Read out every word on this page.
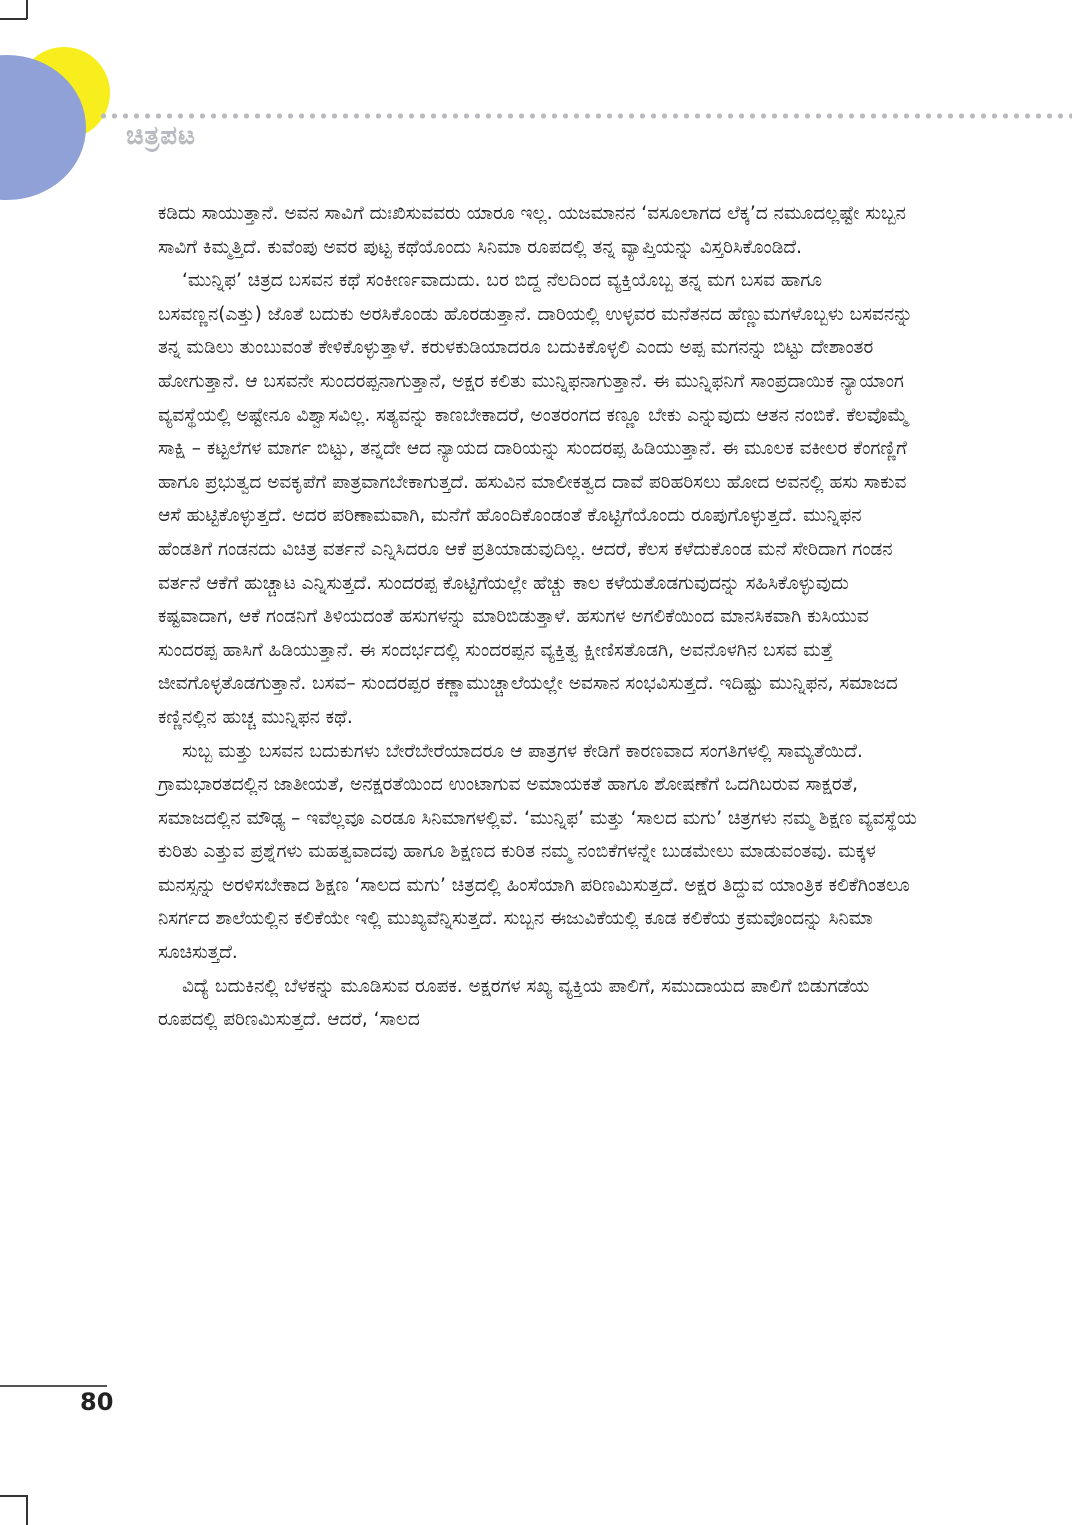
ಚಿತ್ರಪಟ

ಕಡಿದು ಸಾಯುತ್ತಾನೆ. ಅವನ ಸಾವಿಗೆ ದುಃಖಿಸುವವರು ಯಾರೂ ಇಲ್ಲ. ಯಜಮಾನನ ‘ವಸೂಲಾಗದ ಲೆಕ್ಕ’ದ ನಮೂದಲ್ಲಷ್ಟೇ ಸುಬ್ಬನ ಸಾವಿಗೆ ಕಿಮ್ಮತ್ತಿದೆ. ಕುವೆಂಪು ಅವರ ಪುಟ್ಟ ಕಥೆಯೊಂದು ಸಿನಿಮಾ ರೂಪದಲ್ಲಿ ತನ್ನ ವ್ಯಾಪ್ತಿಯನ್ನು ವಿಸ್ತರಿಸಿಕೊಂಡಿದೆ.

‘ಮುನ್ನಿಫ’ ಚಿತ್ರದ ಬಸವನ ಕಥೆ ಸಂಕೀರ್ಣವಾದುದು. ಬರ ಬಿದ್ದ ನೆಲದಿಂದ ವ್ಯಕ್ತಿಯೊಬ್ಬ ತನ್ನ ಮಗ ಬಸವ ಹಾಗೂ ಬಸವಣ್ಣನ(ಎತ್ತು) ಜೊತೆ ಬದುಕು ಅರಸಿಕೊಂಡು ಹೊರಡುತ್ತಾನೆ. ದಾರಿಯಲ್ಲಿ ಉಳ್ಳವರ ಮನೆತನದ ಹೆಣ್ಣುಮಗಳೊಬ್ಬಳು ಬಸವನನ್ನು ತನ್ನ ಮಡಿಲು ತುಂಬುವಂತೆ ಕೇಳಿಕೊಳ್ಳುತ್ತಾಳೆ. ಕರುಳಕುಡಿಯಾದರೂ ಬದುಕಿಕೊಳ್ಳಲಿ ಎಂದು ಅಪ್ಪ ಮಗನನ್ನು ಬಿಟ್ಟು ದೇಶಾಂತರ ಹೋಗುತ್ತಾನೆ. ಆ ಬಸವನೇ ಸುಂದರಪ್ಪನಾಗುತ್ತಾನೆ, ಅಕ್ಷರ ಕಲಿತು ಮುನ್ನಿಫನಾಗುತ್ತಾನೆ. ಈ ಮುನ್ನಿಫನಿಗೆ ಸಾಂಪ್ರದಾಯಿಕ ನ್ಯಾಯಾಂಗ ವ್ಯವಸ್ಥೆಯಲ್ಲಿ ಅಷ್ಟೇನೂ ವಿಶ್ವಾಸವಿಲ್ಲ. ಸತ್ಯವನ್ನು ಕಾಣಬೇಕಾದರೆ, ಅಂತರಂಗದ ಕಣ್ಣೂ ಬೇಕು ಎನ್ನುವುದು ಆತನ ನಂಬಿಕೆ. ಕೆಲವೊಮ್ಮೆ ಸಾಕ್ಷಿ – ಕಟ್ಟಲೆಗಳ ಮಾರ್ಗ ಬಿಟ್ಟು, ತನ್ನದೇ ಆದ ನ್ಯಾಯದ ದಾರಿಯನ್ನು ಸುಂದರಪ್ಪ ಹಿಡಿಯುತ್ತಾನೆ. ಈ ಮೂಲಕ ವಕೀಲರ ಕೆಂಗಣ್ಣಿಗೆ ಹಾಗೂ ಪ್ರಭುತ್ವದ ಅವಕೃಪೆಗೆ ಪಾತ್ರವಾಗಬೇಕಾಗುತ್ತದೆ. ಹಸುವಿನ ಮಾಲೀಕತ್ವದ ದಾವೆ ಪರಿಹರಿಸಲು ಹೋದ ಅವನಲ್ಲಿ ಹಸು ಸಾಕುವ ಆಸೆ ಹುಟ್ಟಿಕೊಳ್ಳುತ್ತದೆ. ಅದರ ಪರಿಣಾಮವಾಗಿ, ಮನೆಗೆ ಹೊಂದಿಕೊಂಡಂತೆ ಕೊಟ್ಟಿಗೆಯೊಂದು ರೂಪುಗೊಳ್ಳುತ್ತದೆ. ಮುನ್ನಿಫನ ಹೆಂಡತಿಗೆ ಗಂಡನದು ವಿಚಿತ್ರ ವರ್ತನೆ ಎನ್ನಿಸಿದರೂ ಆಕೆ ಪ್ರತಿಯಾಡುವುದಿಲ್ಲ. ಆದರೆ, ಕೆಲಸ ಕಳೆದುಕೊಂಡ ಮನೆ ಸೇರಿದಾಗ ಗಂಡನ ವರ್ತನೆ ಆಕೆಗೆ ಹುಚ್ಚಾಟ ಎನ್ನಿಸುತ್ತದೆ. ಸುಂದರಪ್ಪ ಕೊಟ್ಟಿಗೆಯಲ್ಲೇ ಹೆಚ್ಚು ಕಾಲ ಕಳೆಯತೊಡಗುವುದನ್ನು ಸಹಿಸಿಕೊಳ್ಳುವುದು ಕಷ್ಟವಾದಾಗ, ಆಕೆ ಗಂಡನಿಗೆ ತಿಳಿಯದಂತೆ ಹಸುಗಳನ್ನು ಮಾರಿಬಿಡುತ್ತಾಳೆ. ಹಸುಗಳ ಅಗಲಿಕೆಯಿಂದ ಮಾನಸಿಕವಾಗಿ ಕುಸಿಯುವ ಸುಂದರಪ್ಪ ಹಾಸಿಗೆ ಹಿಡಿಯುತ್ತಾನೆ. ಈ ಸಂದರ್ಭದಲ್ಲಿ ಸುಂದರಪ್ಪನ ವ್ಯಕ್ತಿತ್ವ ಕ್ಷೀಣಿಸತೊಡಗಿ, ಅವನೊಳಗಿನ ಬಸವ ಮತ್ತೆ ಜೀವಗೊಳ್ಳತೊಡಗುತ್ತಾನೆ. ಬಸವ– ಸುಂದರಪ್ಪರ ಕಣ್ಣಾಮುಚ್ಚಾಲೆಯಲ್ಲೇ ಅವಸಾನ ಸಂಭವಿಸುತ್ತದೆ. ಇದಿಷ್ಟು ಮುನ್ನಿಫನ, ಸಮಾಜದ ಕಣ್ಣಿನಲ್ಲಿನ ಹುಚ್ಚ ಮುನ್ನಿಫನ ಕಥೆ.

ಸುಬ್ಬ ಮತ್ತು ಬಸವನ ಬದುಕುಗಳು ಬೇರೆಬೇರೆಯಾದರೂ ಆ ಪಾತ್ರಗಳ ಕೇಡಿಗೆ ಕಾರಣವಾದ ಸಂಗತಿಗಳಲ್ಲಿ ಸಾಮ್ಯತೆಯಿದೆ. ಗ್ರಾಮಭಾರತದಲ್ಲಿನ ಜಾತೀಯತೆ, ಅನಕ್ಷರತೆಯಿಂದ ಉಂಟಾಗುವ ಅಮಾಯಕತೆ ಹಾಗೂ ಶೋಷಣೆಗೆ ಒದಗಿಬರುವ ಸಾಕ್ಷರತೆ, ಸಮಾಜದಲ್ಲಿನ ಮೌಢ್ಯ – ಇವೆಲ್ಲವೂ ಎರಡೂ ಸಿನಿಮಾಗಳಲ್ಲಿವೆ. ‘ಮುನ್ನಿಫ’ ಮತ್ತು ‘ಸಾಲದ ಮಗು’ ಚಿತ್ರಗಳು ನಮ್ಮ ಶಿಕ್ಷಣ ವ್ಯವಸ್ಥೆಯ ಕುರಿತು ಎತ್ತುವ ಪ್ರಶ್ನೆಗಳು ಮಹತ್ವವಾದವು ಹಾಗೂ ಶಿಕ್ಷಣದ ಕುರಿತ ನಮ್ಮ ನಂಬಿಕೆಗಳನ್ನೇ ಬುಡಮೇಲು ಮಾಡುವಂತವು. ಮಕ್ಕಳ ಮನಸ್ಸನ್ನು ಅರಳಿಸಬೇಕಾದ ಶಿಕ್ಷಣ ‘ಸಾಲದ ಮಗು’ ಚಿತ್ರದಲ್ಲಿ ಹಿಂಸೆಯಾಗಿ ಪರಿಣಮಿಸುತ್ತದೆ. ಅಕ್ಷರ ತಿದ್ದುವ ಯಾಂತ್ರಿಕ ಕಲಿಕೆಗಿಂತಲೂ ನಿಸರ್ಗದ ಶಾಲೆಯಲ್ಲಿನ ಕಲಿಕೆಯೇ ಇಲ್ಲಿ ಮುಖ್ಯವೆನ್ನಿಸುತ್ತದೆ. ಸುಬ್ಬನ ಈಜುವಿಕೆಯಲ್ಲಿ ಕೂಡ ಕಲಿಕೆಯ ಕ್ರಮವೊಂದನ್ನು ಸಿನಿಮಾ ಸೂಚಿಸುತ್ತದೆ.

ವಿದ್ಯೆ ಬದುಕಿನಲ್ಲಿ ಬೆಳಕನ್ನು ಮೂಡಿಸುವ ರೂಪಕ. ಅಕ್ಷರಗಳ ಸಖ್ಯ ವ್ಯಕ್ತಿಯ ಪಾಲಿಗೆ, ಸಮುದಾಯದ ಪಾಲಿಗೆ ಬಿಡುಗಡೆಯ ರೂಪದಲ್ಲಿ ಪರಿಣಮಿಸುತ್ತದೆ. ಆದರೆ, ‘ಸಾಲದ

80
